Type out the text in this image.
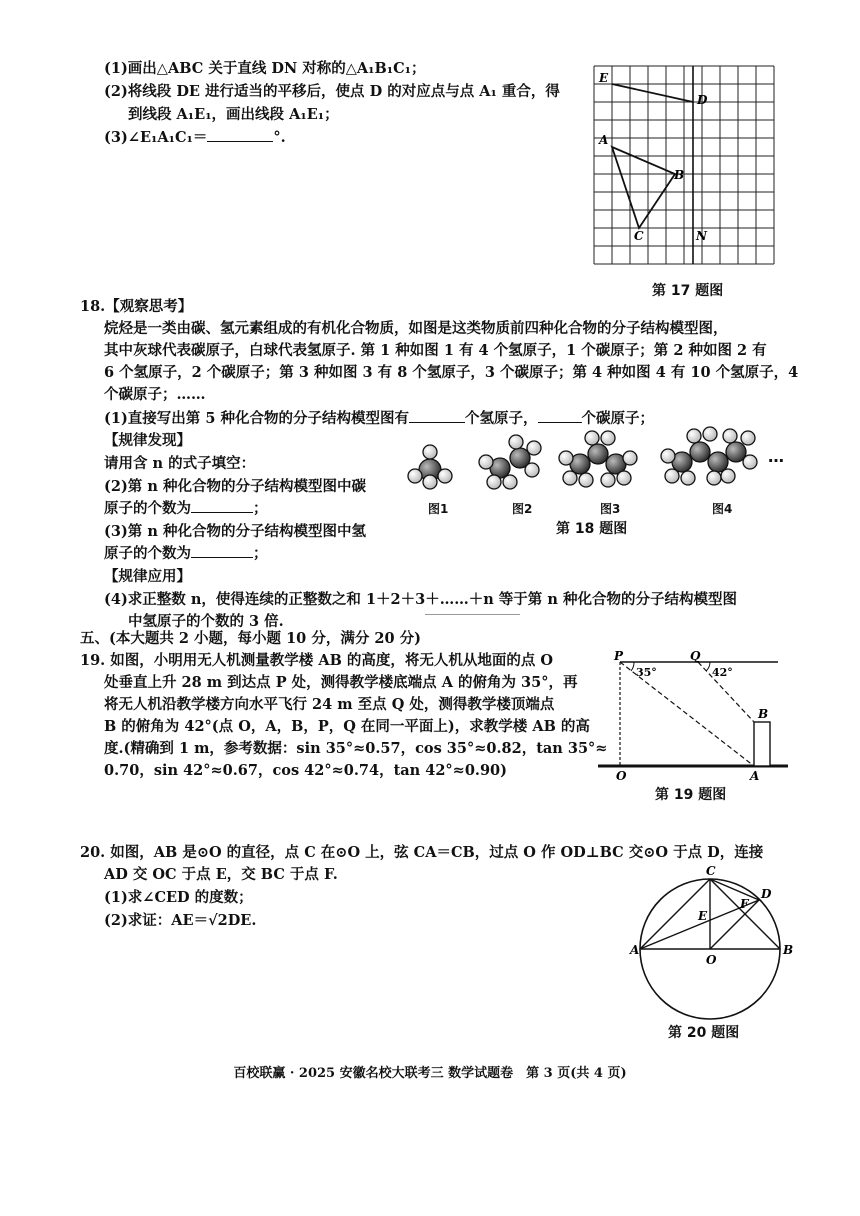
(1)画出△ABC 关于直线 DN 对称的△A₁B₁C₁；
(2)将线段 DE 进行适当的平移后，使点 D 的对应点与点 A₁ 重合，得
到线段 A₁E₁，画出线段 A₁E₁；
(3)∠E₁A₁C₁＝	°.
E
D
A
B
C	N
第 17 题图
18.【观察思考】
烷烃是一类由碳、氢元素组成的有机化合物质，如图是这类物质前四种化合物的分子结构模型图，
其中灰球代表碳原子，白球代表氢原子. 第 1 种如图 1 有 4 个氢原子，1 个碳原子；第 2 种如图 2 有
6 个氢原子，2 个碳原子；第 3 种如图 3 有 8 个氢原子，3 个碳原子；第 4 种如图 4 有 10 个氢原子，4
个碳原子；……
(1)直接写出第 5 种化合物的分子结构模型图有	个氢原子，	个碳原子；
【规律发现】
请用含 n 的式子填空：
(2)第 n 种化合物的分子结构模型图中碳
原子的个数为	；
(3)第 n 种化合物的分子结构模型图中氢
原子的个数为	；
【规律应用】
(4)求正整数 n，使得连续的正整数之和 1＋2＋3＋……＋n 等于第 n 种化合物的分子结构模型图
中氢原子的个数的 3 倍.
…
图1	图2	图3	图4
第 18 题图
五、(本大题共 2 小题，每小题 10 分，满分 20 分)
19. 如图，小明用无人机测量教学楼 AB 的高度，将无人机从地面的点 O
处垂直上升 28 m 到达点 P 处，测得教学楼底端点 A 的俯角为 35°，再
将无人机沿教学楼方向水平飞行 24 m 至点 Q 处，测得教学楼顶端点
B 的俯角为 42°(点 O，A，B，P，Q 在同一平面上)，求教学楼 AB 的高
度.(精确到 1 m，参考数据：sin 35°≈0.57，cos 35°≈0.82，tan 35°≈
0.70，sin 42°≈0.67，cos 42°≈0.74，tan 42°≈0.90)
P	Q
35°	42°
B
O	A
第 19 题图
20. 如图，AB 是⊙O 的直径，点 C 在⊙O 上，弦 CA＝CB，过点 O 作 OD⊥BC 交⊙O 于点 D，连接
AD 交 OC 于点 E，交 BC 于点 F.
(1)求∠CED 的度数；
(2)求证：AE＝√2DE.
C
D
F
E
A
O
B
第 20 题图
百校联赢 · 2025 安徽名校大联考三 数学试题卷　第 3 页(共 4 页)
